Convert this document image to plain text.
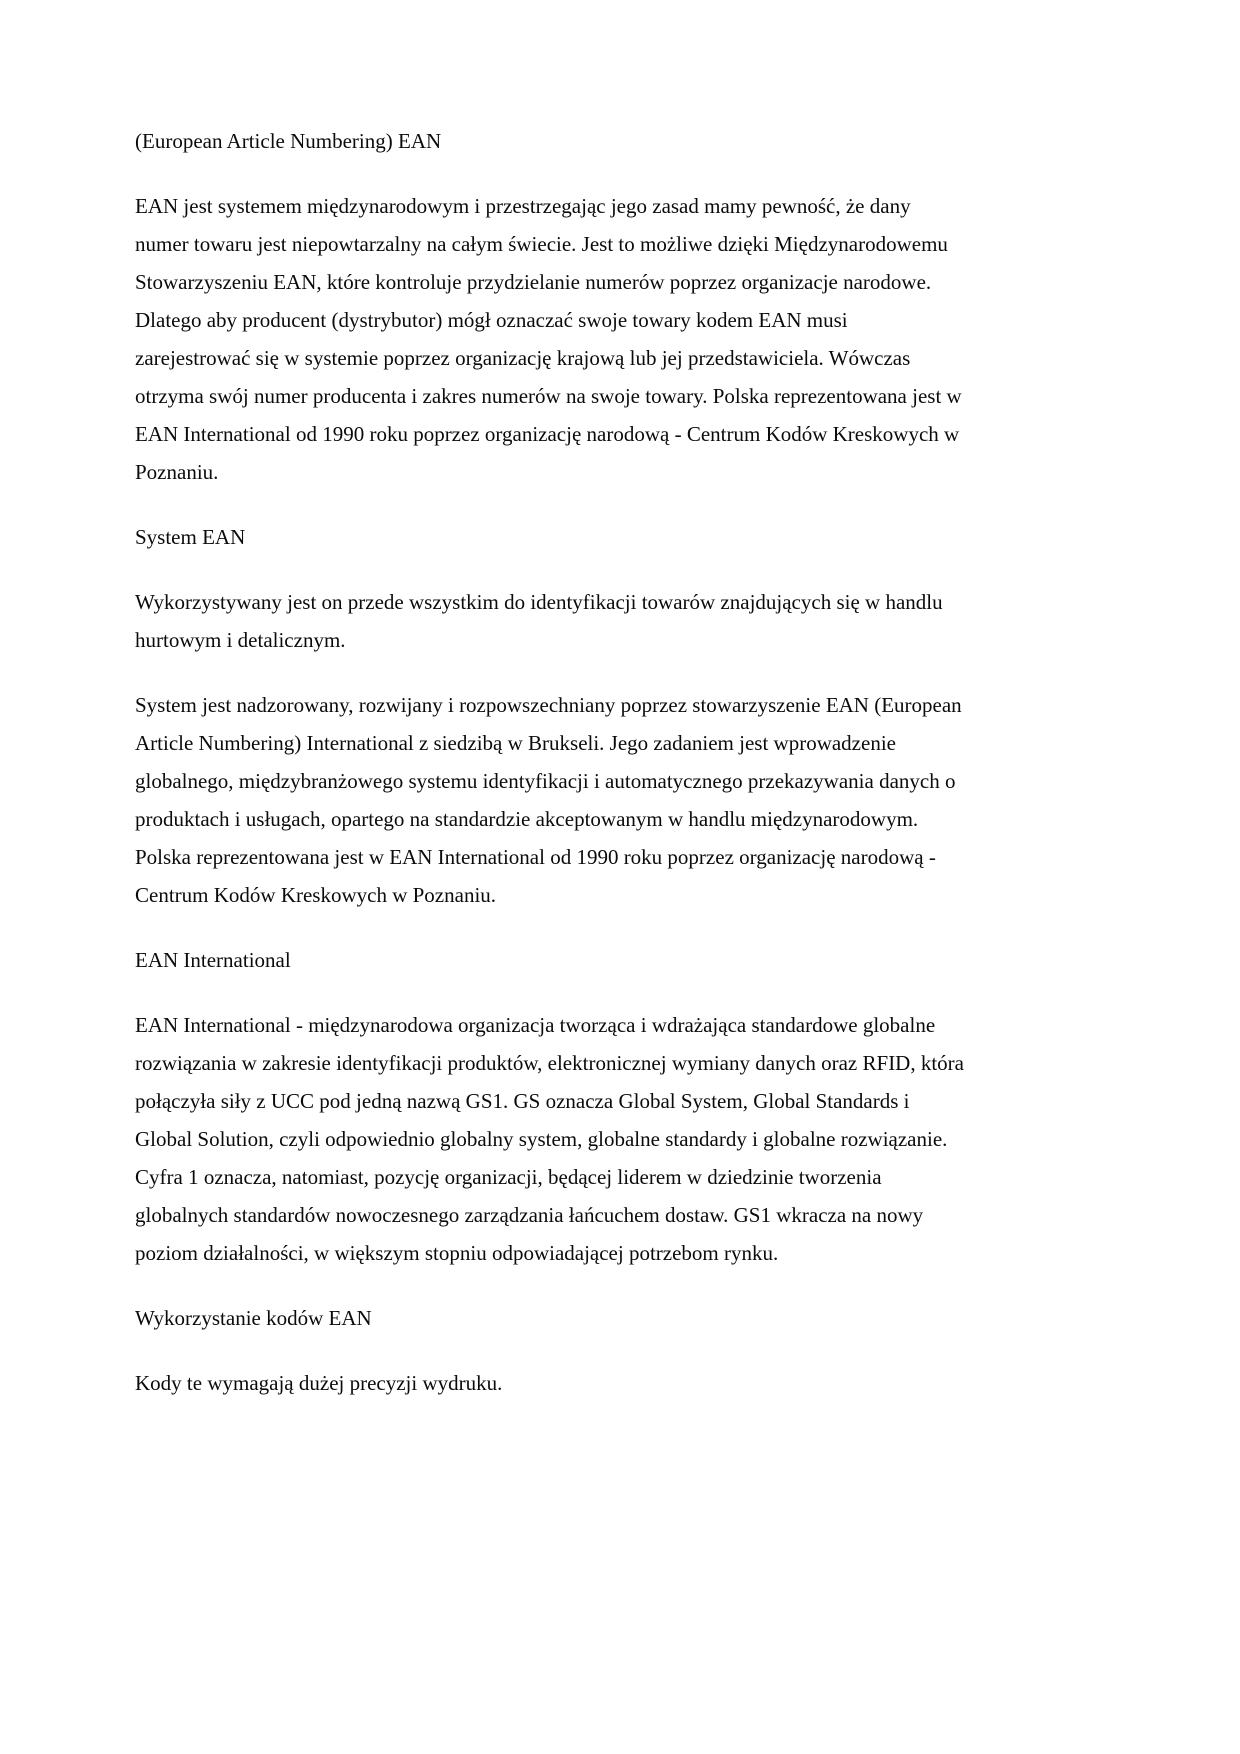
(European Article Numbering) EAN

EAN jest systemem międzynarodowym i przestrzegając jego zasad mamy pewność, że dany numer towaru jest niepowtarzalny na całym świecie. Jest to możliwe dzięki Międzynarodowemu Stowarzyszeniu EAN, które kontroluje przydzielanie numerów poprzez organizacje narodowe. Dlatego aby producent (dystrybutor) mógł oznaczać swoje towary kodem EAN musi zarejestrować się w systemie poprzez organizację krajową lub jej przedstawiciela. Wówczas otrzyma swój numer producenta i zakres numerów na swoje towary. Polska reprezentowana jest w EAN International od 1990 roku poprzez organizację narodową - Centrum Kodów Kreskowych w Poznaniu.

System EAN

Wykorzystywany jest on przede wszystkim do identyfikacji towarów znajdujących się w handlu hurtowym i detalicznym.

System jest nadzorowany, rozwijany i rozpowszechniany poprzez stowarzyszenie EAN (European Article Numbering) International z siedzibą w Brukseli. Jego zadaniem jest wprowadzenie globalnego, międzybranżowego systemu identyfikacji i automatycznego przekazywania danych o produktach i usługach, opartego na standardzie akceptowanym w handlu międzynarodowym. Polska reprezentowana jest w EAN International od 1990 roku poprzez organizację narodową - Centrum Kodów Kreskowych w Poznaniu.

EAN International

EAN International - międzynarodowa organizacja tworząca i wdrażająca standardowe globalne rozwiązania w zakresie identyfikacji produktów, elektronicznej wymiany danych oraz RFID, która połączyła siły z UCC pod jedną nazwą GS1. GS oznacza Global System, Global Standards i Global Solution, czyli odpowiednio globalny system, globalne standardy i globalne rozwiązanie. Cyfra 1 oznacza, natomiast, pozycję organizacji, będącej liderem w dziedzinie tworzenia globalnych standardów nowoczesnego zarządzania łańcuchem dostaw. GS1 wkracza na nowy poziom działalności, w większym stopniu odpowiadającej potrzebom rynku.

Wykorzystanie kodów EAN

Kody te wymagają dużej precyzji wydruku.
